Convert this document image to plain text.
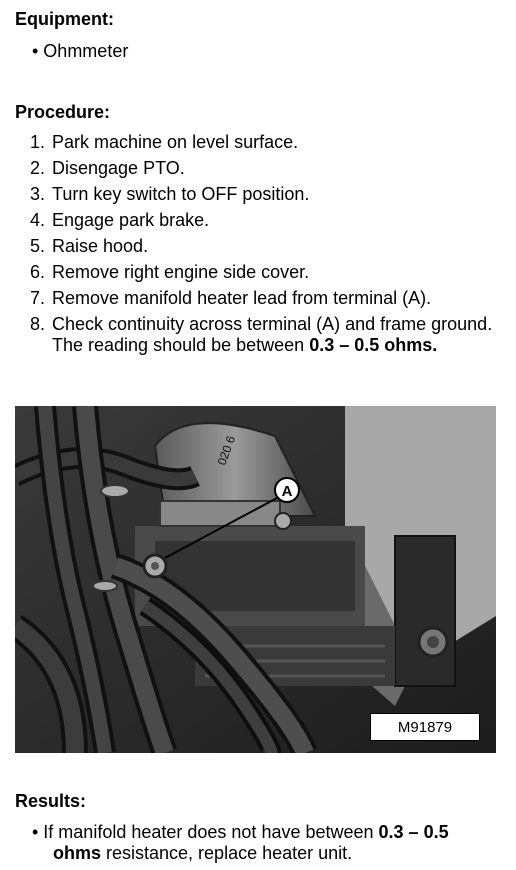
Equipment:
• Ohmmeter
Procedure:
1. Park machine on level surface.
2. Disengage PTO.
3. Turn key switch to OFF position.
4. Engage park brake.
5. Raise hood.
6. Remove right engine side cover.
7. Remove manifold heater lead from terminal (A).
8. Check continuity across terminal (A) and frame ground. The reading should be between 0.3 – 0.5 ohms.
020 6
A
M91879
Results:
• If manifold heater does not have between 0.3 – 0.5
ohms resistance, replace heater unit.
